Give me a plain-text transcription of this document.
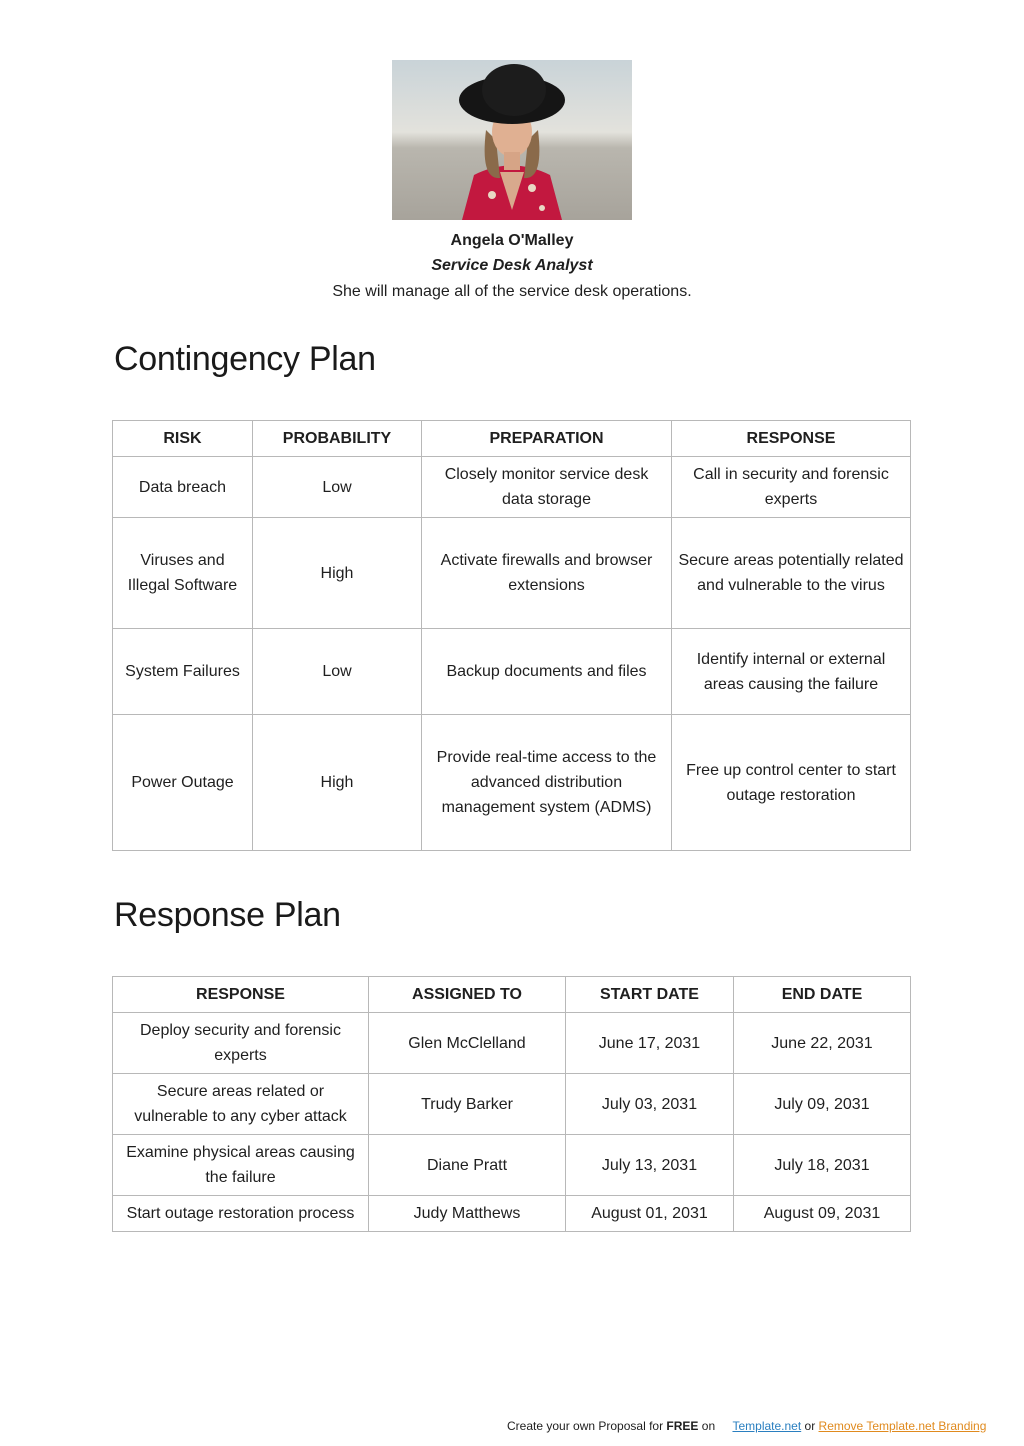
Angela O'Malley
Service Desk Analyst
She will manage all of the service desk operations.
Contingency Plan
RISK	PROBABILITY	PREPARATION	RESPONSE
Data breach	Low	Closely monitor service desk data storage	Call in security and forensic experts
Viruses and Illegal Software	High	Activate firewalls and browser extensions	Secure areas potentially related and vulnerable to the virus
System Failures	Low	Backup documents and files	Identify internal or external areas causing the failure
Power Outage	High	Provide real-time access to the advanced distribution management system (ADMS)	Free up control center to start outage restoration
Response Plan
RESPONSE	ASSIGNED TO	START DATE	END DATE
Deploy security and forensic experts	Glen McClelland	June 17, 2031	June 22, 2031
Secure areas related or vulnerable to any cyber attack	Trudy Barker	July 03, 2031	July 09, 2031
Examine physical areas causing the failure	Diane Pratt	July 13, 2031	July 18, 2031
Start outage restoration process	Judy Matthews	August 01, 2031	August 09, 2031
Create your own Proposal for FREE on Template.net or Remove Template.net Branding
